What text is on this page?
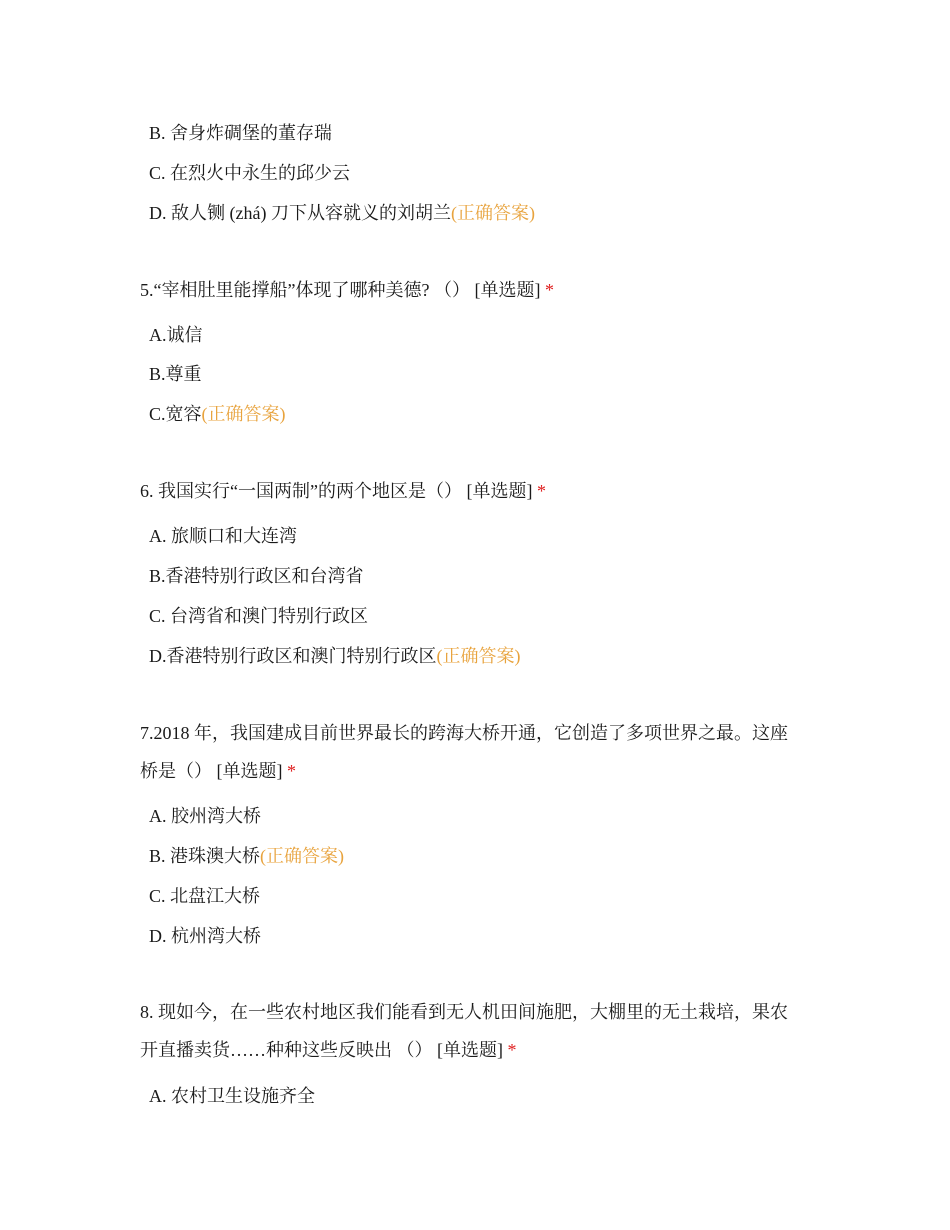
B. 舍身炸碉堡的董存瑞
C. 在烈火中永生的邱少云
D. 敌人铡 (zhá) 刀下从容就义的刘胡兰(正确答案)
5.“宰相肚里能撑船”体现了哪种美德? （） [单选题] *
A.诚信
B.尊重
C.宽容(正确答案)
6. 我国实行“一国两制”的两个地区是（） [单选题] *
A. 旅顺口和大连湾
B.香港特别行政区和台湾省
C. 台湾省和澳门特别行政区
D.香港特别行政区和澳门特别行政区(正确答案)
7.2018 年，我国建成目前世界最长的跨海大桥开通，它创造了多项世界之最。这座
桥是（） [单选题] *
A. 胶州湾大桥
B. 港珠澳大桥(正确答案)
C. 北盘江大桥
D. 杭州湾大桥
8. 现如今，在一些农村地区我们能看到无人机田间施肥，大棚里的无土栽培，果农
开直播卖货……种种这些反映出 （） [单选题] *
A. 农村卫生设施齐全
